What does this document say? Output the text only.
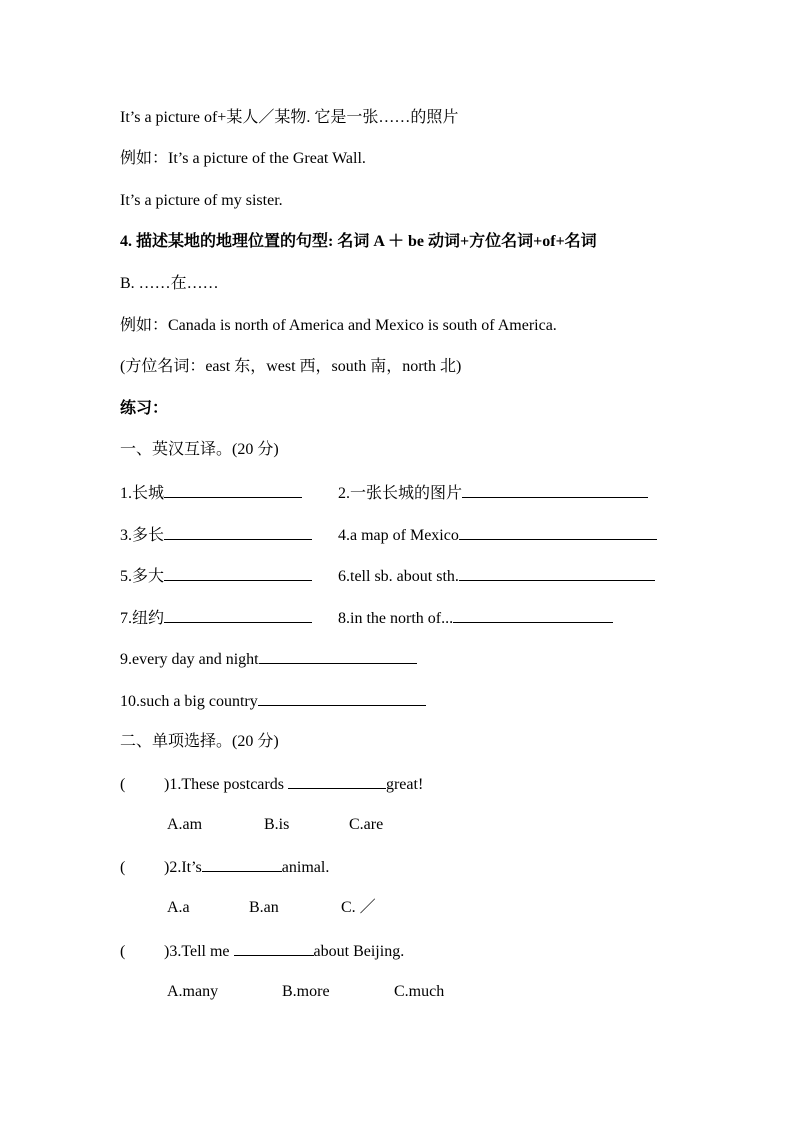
It’s a picture of+某人／某物. 它是一张……的照片
例如：It’s a picture of the Great Wall.
It’s a picture of my sister.
4. 描述某地的地理位置的句型: 名词 A ＋ be 动词+方位名词+of+名词
B. ……在……
例如：Canada is north of America and Mexico is south of America.
(方位名词：east 东，west 西，south 南，north 北)
练习：
一、英汉互译。(20 分)
1.长城	2.一张长城的图片
3.多长	4.a map of Mexico
5.多大	6.tell sb. about sth.
7.纽约	8.in the north of...
9.every day and night
10.such a big country
二、单项选择。(20 分)
( )1.These postcards	great!
A.am	B.is	C.are
( )2.It’s	animal.
A.a	B.an	C. ／
( )3.Tell me	about Beijing.
A.many	B.more	C.much
